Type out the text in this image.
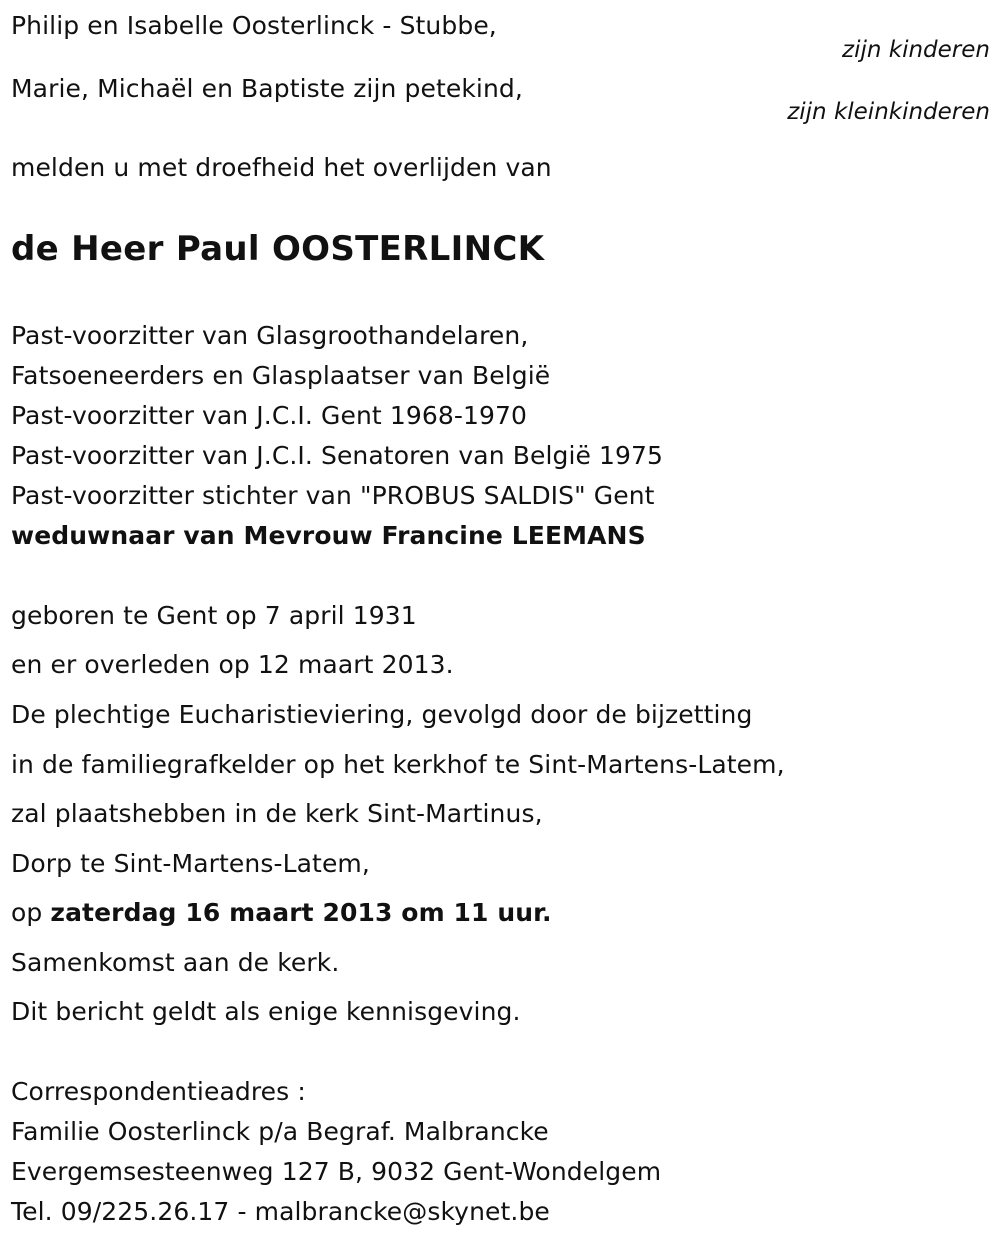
Philip en Isabelle Oosterlinck - Stubbe,
zijn kinderen
Marie, Michaël en Baptiste zijn petekind,
zijn kleinkinderen
melden u met droefheid het overlijden van
de Heer Paul OOSTERLINCK
Past-voorzitter van Glasgroothandelaren,
Fatsoeneerders en Glasplaatser van België
Past-voorzitter van J.C.I. Gent 1968-1970
Past-voorzitter van J.C.I. Senatoren van België 1975
Past-voorzitter stichter van "PROBUS SALDIS" Gent
weduwnaar van Mevrouw Francine LEEMANS
geboren te Gent op 7 april 1931
en er overleden op 12 maart 2013.
De plechtige Eucharistieviering, gevolgd door de bijzetting
in de familiegrafkelder op het kerkhof te Sint-Martens-Latem,
zal plaatshebben in de kerk Sint-Martinus,
Dorp te Sint-Martens-Latem,
op zaterdag 16 maart 2013 om 11 uur.
Samenkomst aan de kerk.
Dit bericht geldt als enige kennisgeving.
Correspondentieadres :
Familie Oosterlinck p/a Begraf. Malbrancke
Evergemsesteenweg 127 B, 9032 Gent-Wondelgem
Tel. 09/225.26.17 - malbrancke@skynet.be
